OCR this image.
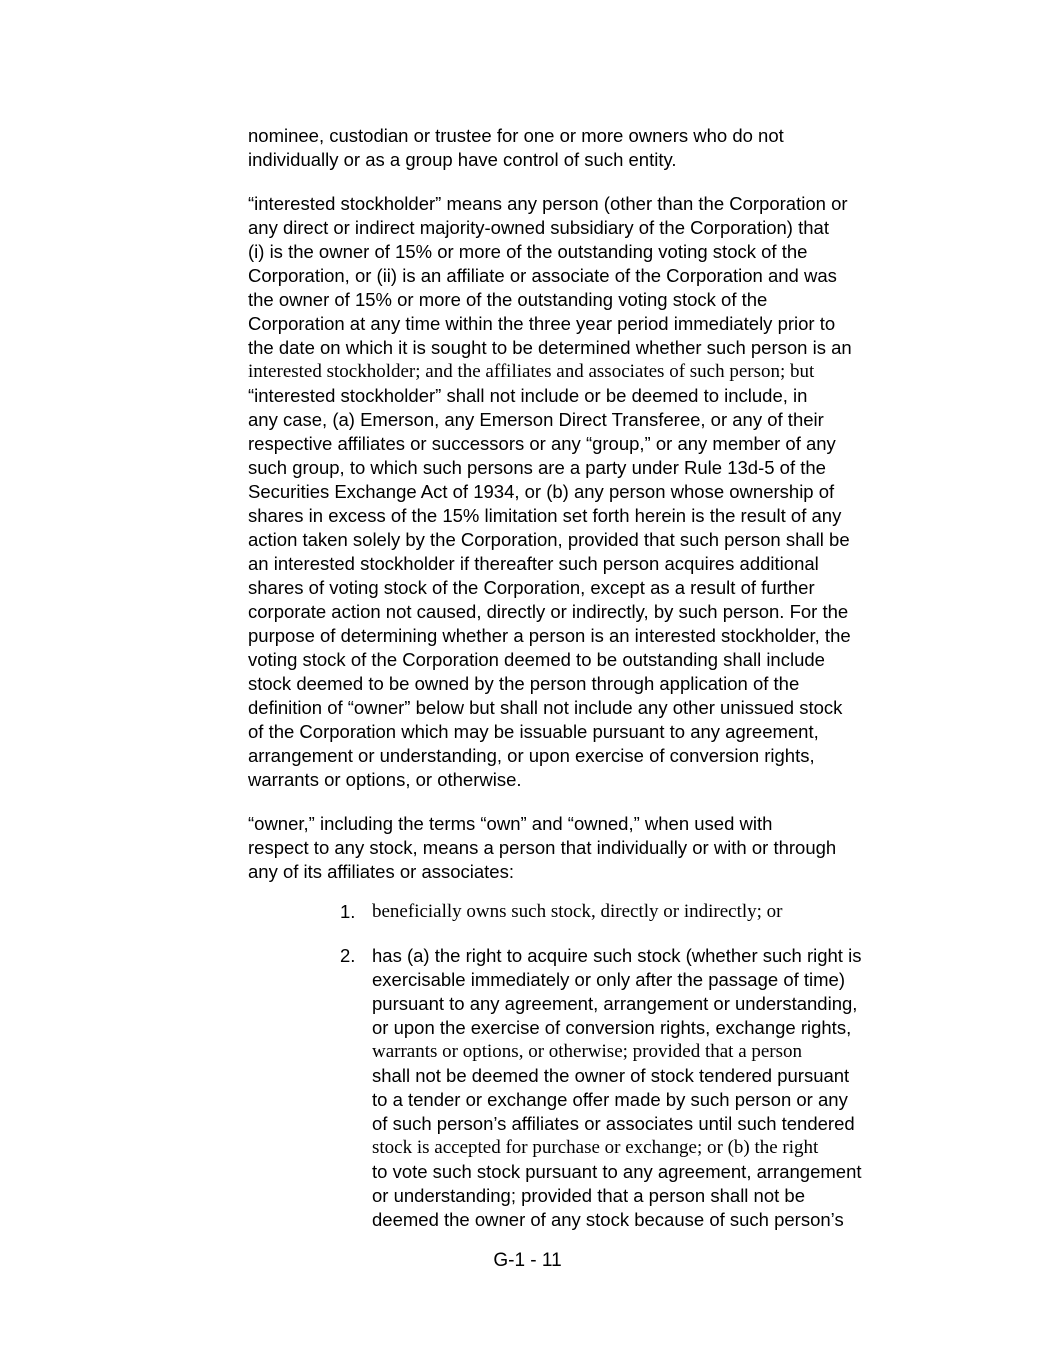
nominee, custodian or trustee for one or more owners who do not
individually or as a group have control of such entity.

“interested stockholder” means any person (other than the Corporation or
any direct or indirect majority-owned subsidiary of the Corporation) that
(i) is the owner of 15% or more of the outstanding voting stock of the
Corporation, or (ii) is an affiliate or associate of the Corporation and was
the owner of 15% or more of the outstanding voting stock of the
Corporation at any time within the three year period immediately prior to
the date on which it is sought to be determined whether such person is an
interested stockholder; and the affiliates and associates of such person; but
“interested stockholder” shall not include or be deemed to include, in
any case, (a) Emerson, any Emerson Direct Transferee, or any of their
respective affiliates or successors or any “group,” or any member of any
such group, to which such persons are a party under Rule 13d-5 of the
Securities Exchange Act of 1934, or (b) any person whose ownership of
shares in excess of the 15% limitation set forth herein is the result of any
action taken solely by the Corporation, provided that such person shall be
an interested stockholder if thereafter such person acquires additional
shares of voting stock of the Corporation, except as a result of further
corporate action not caused, directly or indirectly, by such person. For the
purpose of determining whether a person is an interested stockholder, the
voting stock of the Corporation deemed to be outstanding shall include
stock deemed to be owned by the person through application of the
definition of “owner” below but shall not include any other unissued stock
of the Corporation which may be issuable pursuant to any agreement,
arrangement or understanding, or upon exercise of conversion rights,
warrants or options, or otherwise.

“owner,” including the terms “own” and “owned,” when used with
respect to any stock, means a person that individually or with or through
any of its affiliates or associates:

1. beneficially owns such stock, directly or indirectly; or
2. has (a) the right to acquire such stock (whether such right is
exercisable immediately or only after the passage of time)
pursuant to any agreement, arrangement or understanding,
or upon the exercise of conversion rights, exchange rights,
warrants or options, or otherwise; provided that a person
shall not be deemed the owner of stock tendered pursuant
to a tender or exchange offer made by such person or any
of such person’s affiliates or associates until such tendered
stock is accepted for purchase or exchange; or (b) the right
to vote such stock pursuant to any agreement, arrangement
or understanding; provided that a person shall not be
deemed the owner of any stock because of such person’s
G-1 - 11
